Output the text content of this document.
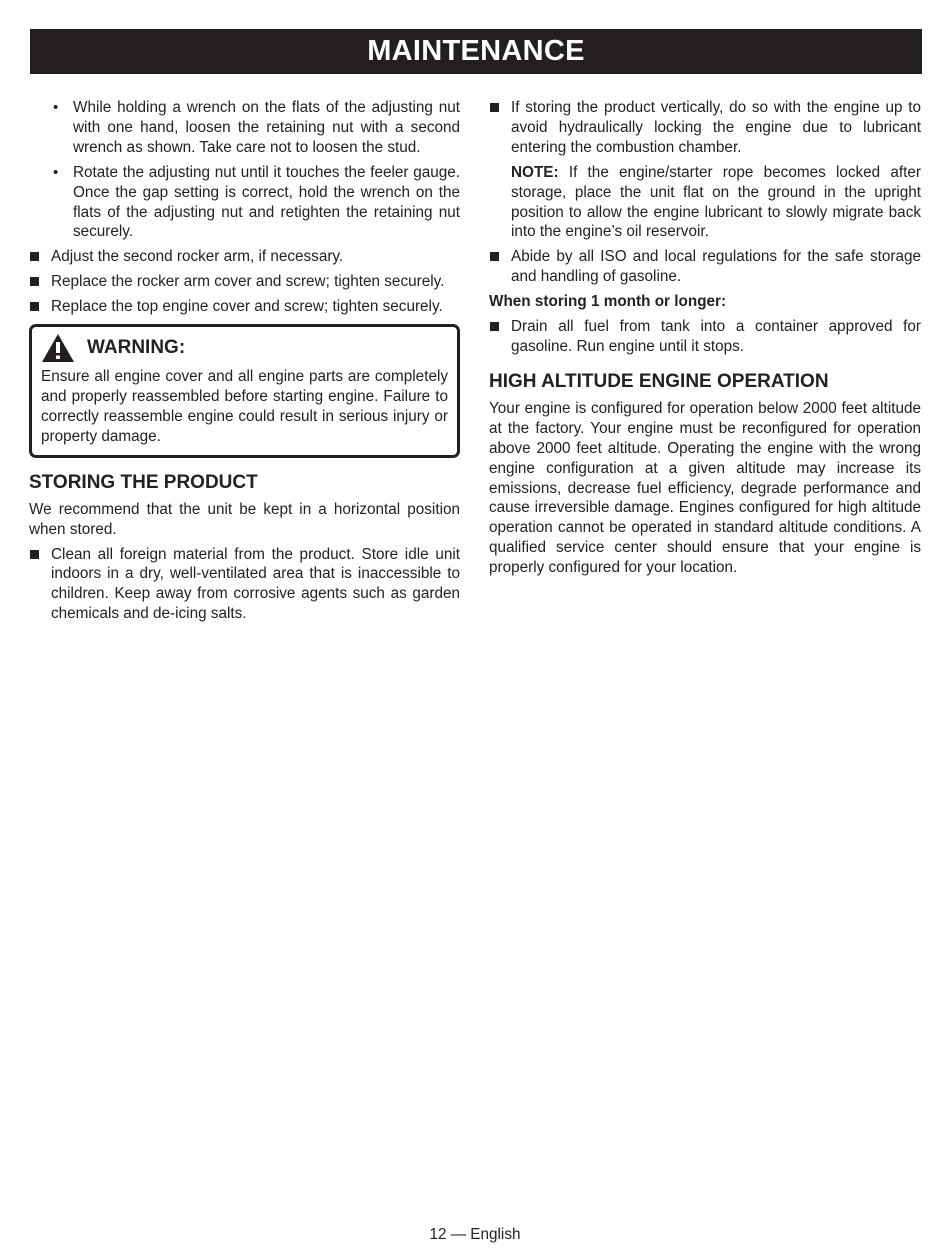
MAINTENANCE
• While holding a wrench on the flats of the adjusting nut with one hand, loosen the retaining nut with a second wrench as shown. Take care not to loosen the stud.
• Rotate the adjusting nut until it touches the feeler gauge. Once the gap setting is correct, hold the wrench on the flats of the adjusting nut and retighten the retaining nut securely.
Adjust the second rocker arm, if necessary.
Replace the rocker arm cover and screw; tighten securely.
Replace the top engine cover and screw; tighten securely.
WARNING:

Ensure all engine cover and all engine parts are completely and properly reassembled before starting engine. Failure to correctly reassemble engine could result in serious injury or property damage.

STORING THE PRODUCT

We recommend that the unit be kept in a horizontal position when stored.

Clean all foreign material from the product. Store idle unit indoors in a dry, well-ventilated area that is inaccessible to children. Keep away from corrosive agents such as garden chemicals and de-icing salts.
If storing the product vertically, do so with the engine up to avoid hydraulically locking the engine due to lubricant entering the combustion chamber.

NOTE: If the engine/starter rope becomes locked after storage, place the unit flat on the ground in the upright position to allow the engine lubricant to slowly migrate back into the engine’s oil reservoir.

Abide by all ISO and local regulations for the safe storage and handling of gasoline.
When storing 1 month or longer:
Drain all fuel from tank into a container approved for gasoline. Run engine until it stops.
HIGH ALTITUDE ENGINE OPERATION

Your engine is configured for operation below 2000 feet altitude at the factory. Your engine must be reconfigured for operation above 2000 feet altitude. Operating the engine with the wrong engine configuration at a given altitude may increase its emissions, decrease fuel efficiency, degrade performance and cause irreversible damage. Engines configured for high altitude operation cannot be operated in standard altitude conditions. A qualified service center should ensure that your engine is properly configured for your location.

12 — English
